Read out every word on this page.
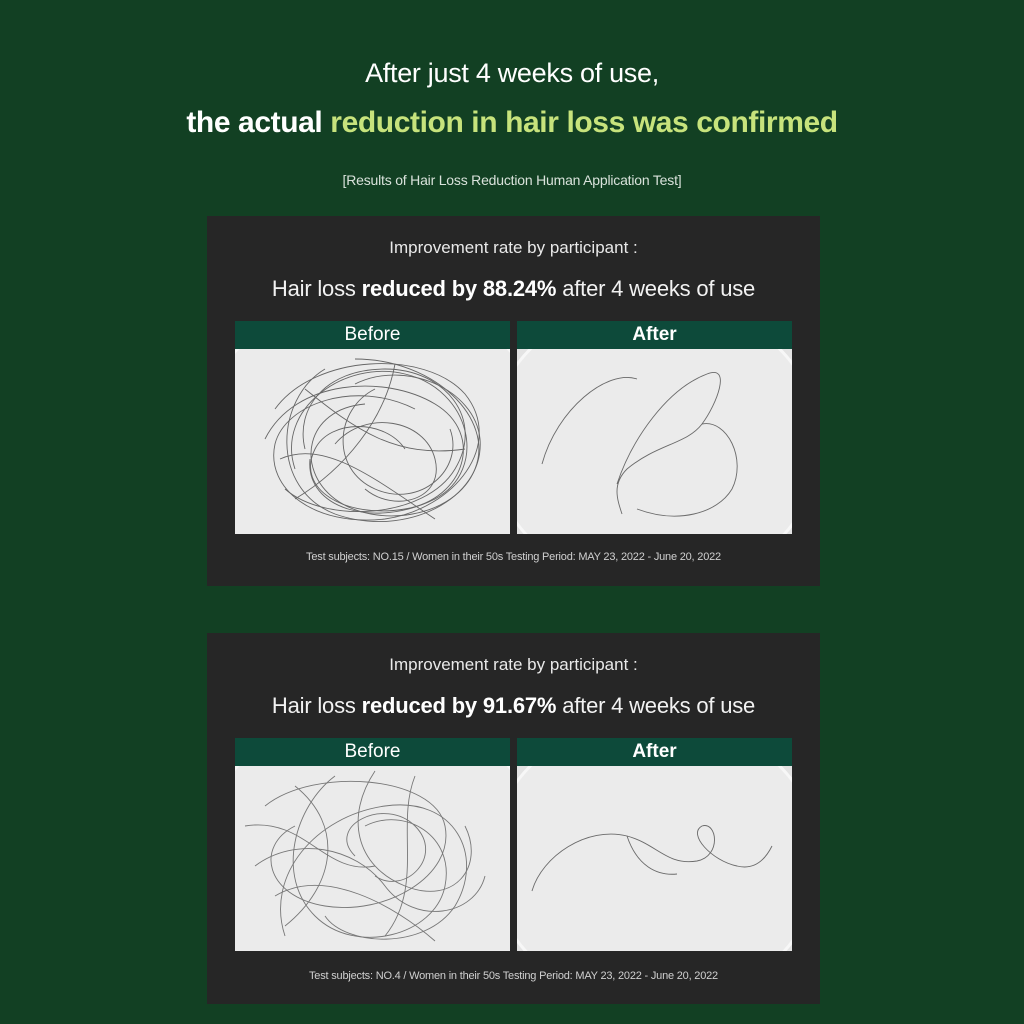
After just 4 weeks of use,
the actual reduction in hair loss was confirmed
[Results of Hair Loss Reduction Human Application Test]
Improvement rate by participant :
Hair loss reduced by 88.24% after 4 weeks of use
Before	After
Test subjects: NO.15 / Women in their 50s Testing Period: MAY 23, 2022 - June 20, 2022
Improvement rate by participant :
Hair loss reduced by 91.67% after 4 weeks of use
Before	After
Test subjects: NO.4 / Women in their 50s Testing Period: MAY 23, 2022 - June 20, 2022
